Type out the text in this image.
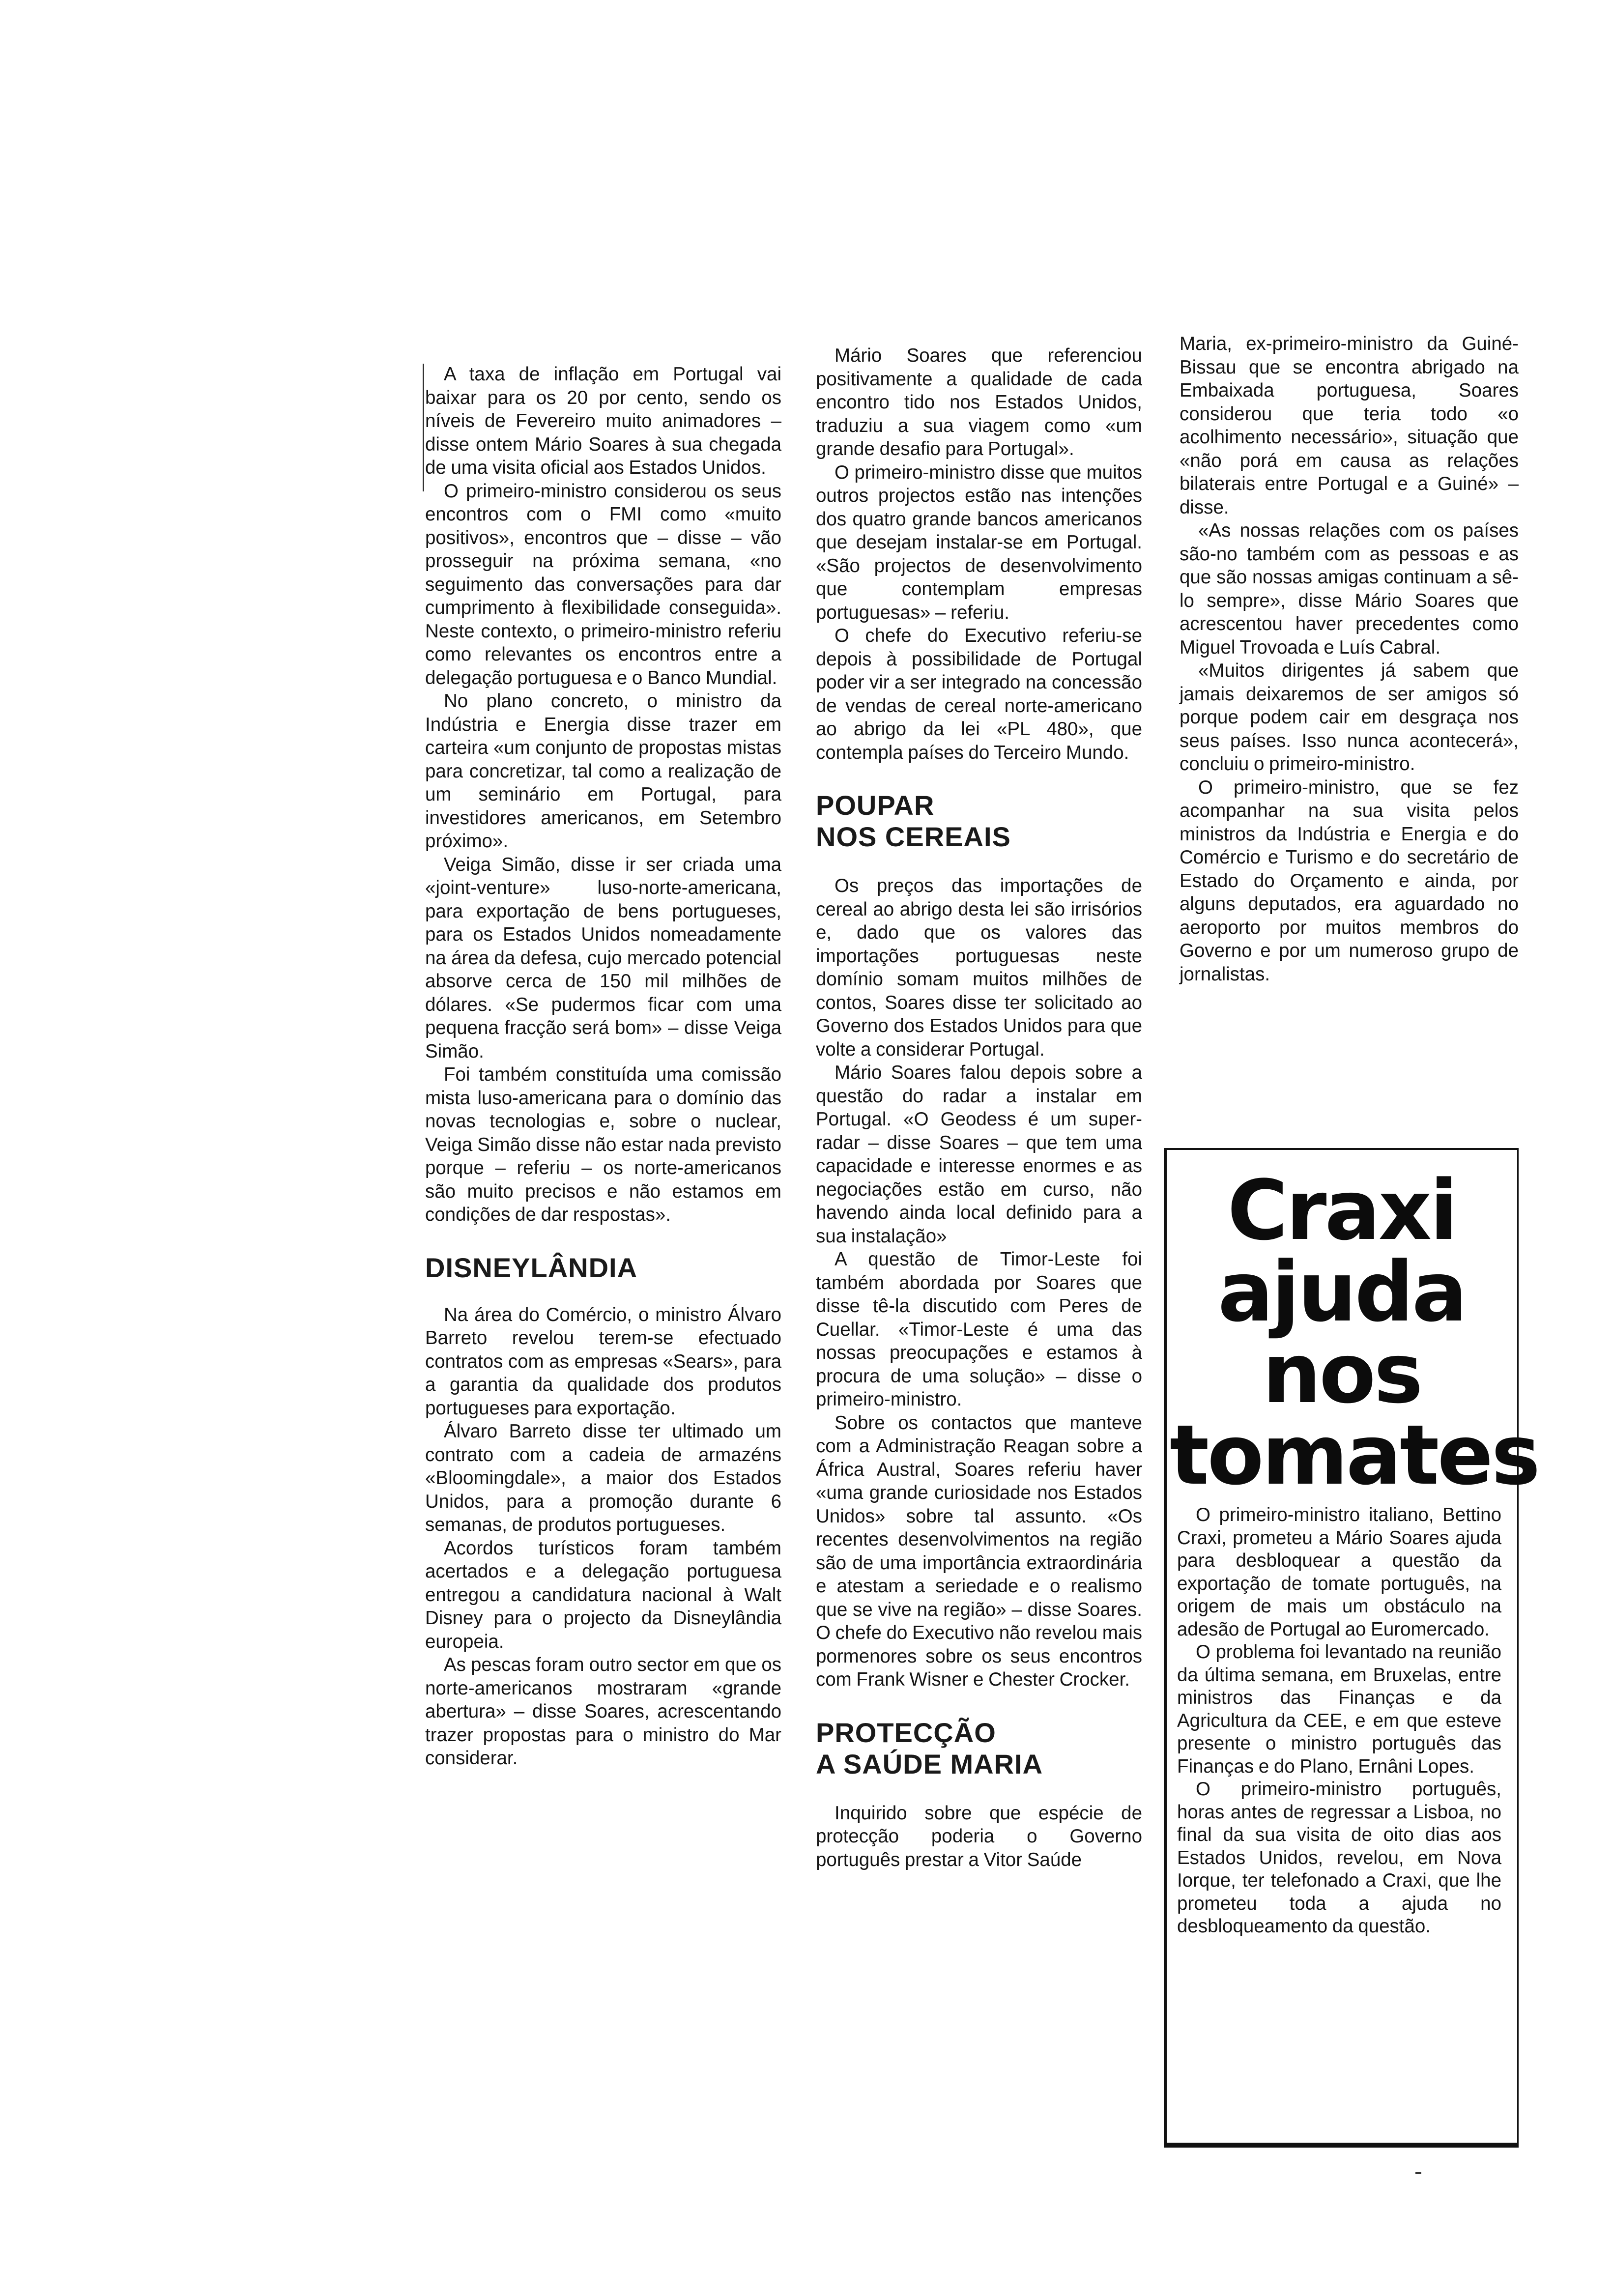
A taxa de inflação em Portugal vai baixar para os 20 por cento, sendo os níveis de Fevereiro muito animadores – disse ontem Mário Soares à sua chegada de uma visita oficial aos Estados Unidos.

O primeiro-ministro considerou os seus encontros com o FMI como «muito positivos», encontros que – disse – vão prosseguir na próxima semana, «no seguimento das conversações para dar cumprimento à flexibilidade conseguida». Neste contexto, o primeiro-ministro referiu como relevantes os encontros entre a delegação portuguesa e o Banco Mundial.

No plano concreto, o ministro da Indústria e Energia disse trazer em carteira «um conjunto de propostas mistas para concretizar, tal como a realização de um seminário em Portugal, para investidores americanos, em Setembro próximo».

Veiga Simão, disse ir ser criada uma «joint-venture» luso-norte-americana, para exportação de bens portugueses, para os Estados Unidos nomeadamente na área da defesa, cujo mercado potencial absorve cerca de 150 mil milhões de dólares. «Se pudermos ficar com uma pequena fracção será bom» – disse Veiga Simão.

Foi também constituída uma comissão mista luso-americana para o domínio das novas tecnologias e, sobre o nuclear, Veiga Simão disse não estar nada previsto porque – referiu – os norte-americanos são muito precisos e não estamos em condições de dar respostas».

DISNEYLÂNDIA

Na área do Comércio, o ministro Álvaro Barreto revelou terem-se efectuado contratos com as empresas «Sears», para a garantia da qualidade dos produtos portugueses para exportação.

Álvaro Barreto disse ter ultimado um contrato com a cadeia de armazéns «Bloomingdale», a maior dos Estados Unidos, para a promoção durante 6 semanas, de produtos portugueses.

Acordos turísticos foram também acertados e a delegação portuguesa entregou a candidatura nacional à Walt Disney para o projecto da Disneylândia europeia.

As pescas foram outro sector em que os norte-americanos mostraram «grande abertura» – disse Soares, acrescentando trazer propostas para o ministro do Mar considerar.

Mário Soares que referenciou positivamente a qualidade de cada encontro tido nos Estados Unidos, traduziu a sua viagem como «um grande desafio para Portugal».

O primeiro-ministro disse que muitos outros projectos estão nas intenções dos quatro grande bancos americanos que desejam instalar-se em Portugal. «São projectos de desenvolvimento que contemplam empresas portuguesas» – referiu.

O chefe do Executivo referiu-se depois à possibilidade de Portugal poder vir a ser integrado na concessão de vendas de cereal norte-americano ao abrigo da lei «PL 480», que contempla países do Terceiro Mundo.

POUPAR
NOS CEREAIS

Os preços das importações de cereal ao abrigo desta lei são irrisórios e, dado que os valores das importações portuguesas neste domínio somam muitos milhões de contos, Soares disse ter solicitado ao Governo dos Estados Unidos para que volte a considerar Portugal.

Mário Soares falou depois sobre a questão do radar a instalar em Portugal. «O Geodess é um super-radar – disse Soares – que tem uma capacidade e interesse enormes e as negociações estão em curso, não havendo ainda local definido para a sua instalação»

A questão de Timor-Leste foi também abordada por Soares que disse tê-la discutido com Peres de Cuellar. «Timor-Leste é uma das nossas preocupações e estamos à procura de uma solução» – disse o primeiro-ministro.

Sobre os contactos que manteve com a Administração Reagan sobre a África Austral, Soares referiu haver «uma grande curiosidade nos Estados Unidos» sobre tal assunto. «Os recentes desenvolvimentos na região são de uma importância extraordinária e atestam a seriedade e o realismo que se vive na região» – disse Soares. O chefe do Executivo não revelou mais pormenores sobre os seus encontros com Frank Wisner e Chester Crocker.

PROTECÇÃO
A SAÚDE MARIA

Inquirido sobre que espécie de protecção poderia o Governo português prestar a Vitor Saúde

Maria, ex-primeiro-ministro da Guiné-Bissau que se encontra abrigado na Embaixada portuguesa, Soares considerou que teria todo «o acolhimento necessário», situação que «não porá em causa as relações bilaterais entre Portugal e a Guiné» – disse.

«As nossas relações com os países são-no também com as pessoas e as que são nossas amigas continuam a sê-lo sempre», disse Mário Soares que acrescentou haver precedentes como Miguel Trovoada e Luís Cabral.

«Muitos dirigentes já sabem que jamais deixaremos de ser amigos só porque podem cair em desgraça nos seus países. Isso nunca acontecerá», concluiu o primeiro-ministro.

O primeiro-ministro, que se fez acompanhar na sua visita pelos ministros da Indústria e Energia e do Comércio e Turismo e do secretário de Estado do Orçamento e ainda, por alguns deputados, era aguardado no aeroporto por muitos membros do Governo e por um numeroso grupo de jornalistas.

Craxi
ajuda
nos
tomates

O primeiro-ministro italiano, Bettino Craxi, prometeu a Mário Soares ajuda para desbloquear a questão da exportação de tomate português, na origem de mais um obstáculo na adesão de Portugal ao Euromercado.

O problema foi levantado na reunião da última semana, em Bruxelas, entre ministros das Finanças e da Agricultura da CEE, e em que esteve presente o ministro português das Finanças e do Plano, Ernâni Lopes.

O primeiro-ministro português, horas antes de regressar a Lisboa, no final da sua visita de oito dias aos Estados Unidos, revelou, em Nova Iorque, ter telefonado a Craxi, que lhe prometeu toda a ajuda no desbloqueamento da questão.
